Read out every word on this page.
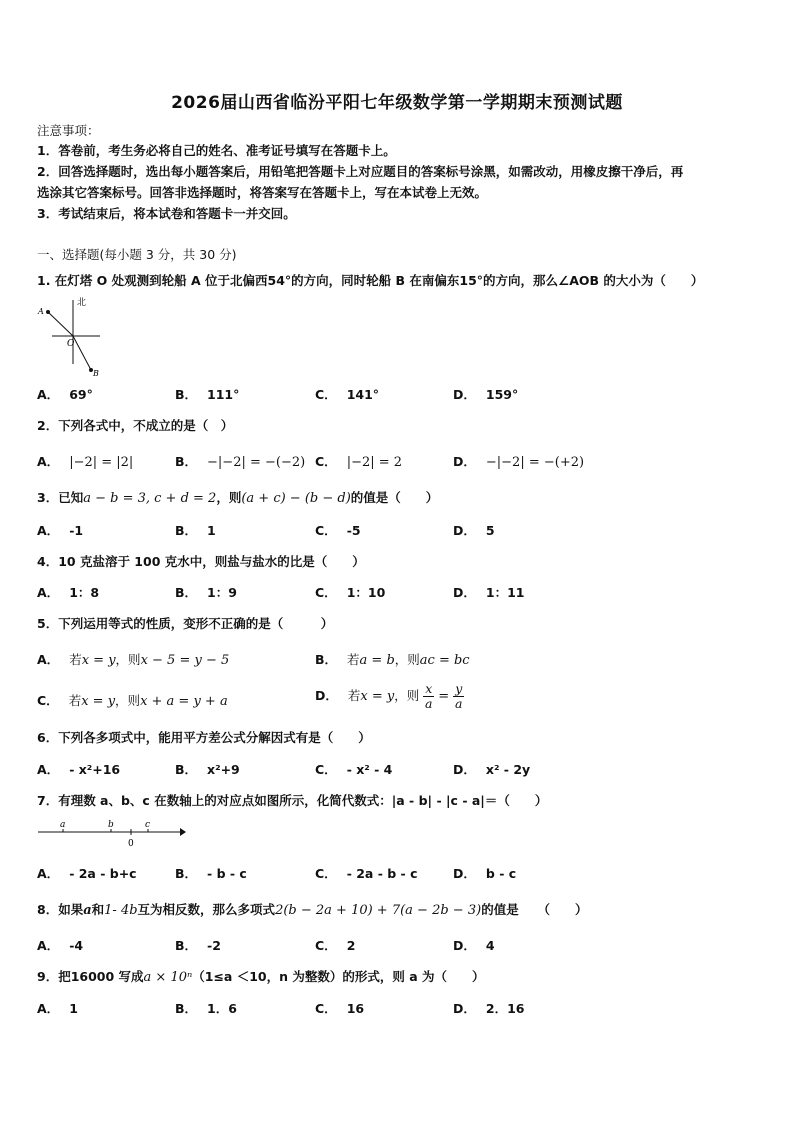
2026届山西省临汾平阳七年级数学第一学期期末预测试题
注意事项：
1．答卷前，考生务必将自己的姓名、准考证号填写在答题卡上。
2．回答选择题时，选出每小题答案后，用铅笔把答题卡上对应题目的答案标号涂黑，如需改动，用橡皮擦干净后，再
选涂其它答案标号。回答非选择题时，将答案写在答题卡上，写在本试卷上无效。
3．考试结束后，将本试卷和答题卡一并交回。
一、选择题(每小题 3 分，共 30 分)
1. 在灯塔 O 处观测到轮船 A 位于北偏西54°的方向，同时轮船 B 在南偏东15°的方向，那么∠AOB 的大小为（　　）
北
A
O
B
A． 69°	B． 111°	C． 141°	D． 159°
2．下列各式中，不成立的是（　）
A． |−2| = |2|	B． −|−2| = −(−2) C． |−2| = 2	D． −|−2| = −(+2)
3．已知a − b = 3, c + d = 2，则(a + c) − (b − d)的值是（　　）
A． -1	B． 1	C． -5	D． 5
4．10 克盐溶于 100 克水中，则盐与盐水的比是（　　）
A． 1：8	B． 1：9	C． 1：10	D． 1：11
5．下列运用等式的性质，变形不正确的是（　　　）
A． 若x = y，则x − 5 = y − 5	B． 若a = b，则ac = bc
C． 若x = y，则x + a = y + a	D． 若x = y，则 $\frac{x}{a} = \frac{y}{a}$
6．下列各多项式中，能用平方差公式分解因式有是（　　）
A． - x²+16	B． x²+9	C． - x² - 4	D． x² - 2y
7．有理数 a、b、c 在数轴上的对应点如图所示，化简代数式：|a - b| - |c - a|＝（　　）
a	b	c
0
A． - 2a - b+c	B． - b - c	C． - 2a - b - c	D． b - c
8．如果a和1- 4b互为相反数，那么多项式2(b − 2a + 10) + 7(a − 2b − 3)的值是　　（　　）
A． -4	B． -2	C． 2	D． 4
9．把16000 写成a × 10ⁿ（1≤a ＜10，n 为整数）的形式，则 a 为（　　）
A． 1	B． 1．6	C． 16	D． 2．16
